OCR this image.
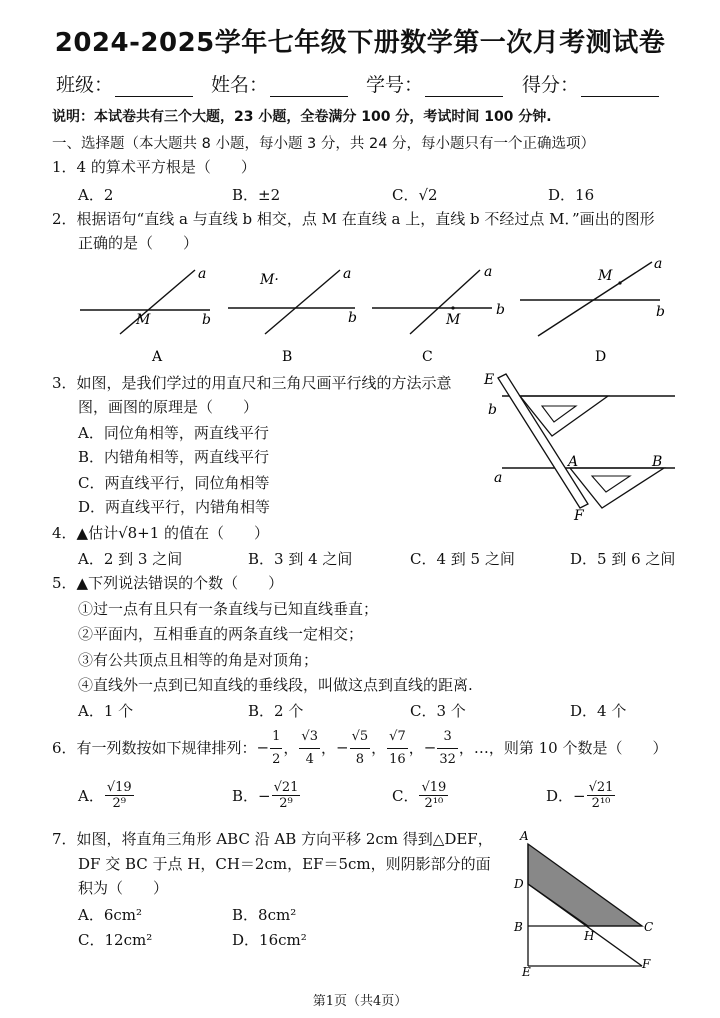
2024-2025学年七年级下册数学第一次月考测试卷
班级：	姓名：	学号：	得分：
说明：本试卷共有三个大题，23 小题，全卷满分 100 分，考试时间 100 分钟.
一、选择题（本大题共 8 小题，每小题 3 分，共 24 分，每小题只有一个正确选项）
1．4 的算术平方根是（　　）
A．2	B．±2	C．√2	D．16
2．根据语句“直线 a 与直线 b 相交，点 M 在直线 a 上，直线 b 不经过点 M．”画出的图形
正确的是（　　）
a
b
M
a
b
M·	a
b
M
a
b
M
A	B	C	D
3．如图，是我们学过的用直尺和三角尺画平行线的方法示意
图，画图的原理是（　　）
A．同位角相等，两直线平行
B．内错角相等，两直线平行
C．两直线平行，同位角相等
D．两直线平行，内错角相等
E
b
A	B
a
F
4．▲估计√8+1 的值在（　　）
A．2 到 3 之间	B．3 到 4 之间	C．4 到 5 之间	D．5 到 6 之间
5．▲下列说法错误的个数（　　）
①过一点有且只有一条直线与已知直线垂直；
②平面内，互相垂直的两条直线一定相交；
③有公共顶点且相等的角是对顶角；
④直线外一点到已知直线的垂线段，叫做这点到直线的距离.
A．1 个	B．2 个	C．3 个	D．4 个
6．有一列数按如下规律排列： − $\frac{1}{2}$ ， $\frac{√3}{4}$ ， − $\frac{√5}{8}$ ， $\frac{√7}{16}$ ， − $\frac{3}{32}$ ，…，则第 10 个数是（　　）
A． $\frac{√19}{\text{2⁹}}$	B． − $\frac{√21}{\text{2⁹}}$	C． $\frac{√19}{\text{2¹⁰}}$	D． − $\frac{√21}{\text{2¹⁰}}$
7．如图，将直角三角形 ABC 沿 AB 方向平移 2cm 得到△DEF，
DF 交 BC 于点 H，CH＝2cm，EF＝5cm，则阴影部分的面
积为（　　）
A．6cm²	B．8cm²
C．12cm²	D．16cm²
A
D
B	C
H
E
F
第1页（共4页）
